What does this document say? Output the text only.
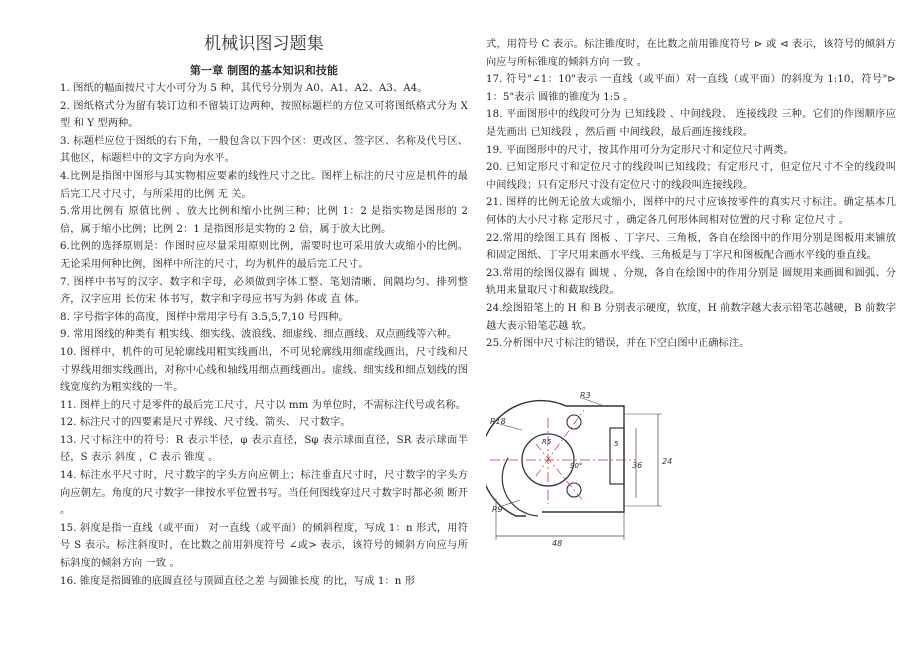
机械识图习题集
第一章 制图的基本知识和技能

1. 图纸的幅面按尺寸大小可分为 5 种，其代号分别为 A0、A1、A2、A3、A4。

2. 图纸格式分为留有装订边和不留装订边两种，按照标题栏的方位又可将图纸格式分为 X 型 和 Y 型两种。

3. 标题栏应位于图纸的右下角，一般包含以下四个区：更改区、签字区、名称及代号区、其他区，标题栏中的文字方向为水平。

4.比例是指图中图形与其实物相应要素的线性尺寸之比。图样上标注的尺寸应是机件的最后完工尺寸尺寸，与所采用的比例 无 关。

5.常用比例有 原值比例 、放大比例和缩小比例三种；比例 1：2 是指实物是图形的 2 倍，属于缩小比例；比例 2：1 是指图形是实物的 2 倍，属于放大比例。

6.比例的选择原则是：作图时应尽量采用原则比例，需要时也可采用放大或缩小的比例。无论采用何种比例，图样中所注的尺寸，均为机件的最后完工尺寸。

7. 图样中书写的汉字、数字和字母，必须做到字体工整、笔划清晰、间隔均匀、排列整齐，汉字应用 长仿宋 体书写，数字和字母应书写为斜 体或 直 体。

8. 字号指字体的高度，图样中常用字号有 3.5,5,7,10 号四种。

9. 常用图线的种类有 粗实线、细实线、波浪线、细虚线、细点画线、双点画线等六种。

10. 图样中，机件的可见轮廓线用粗实线画出，不可见轮廓线用细虚线画出，尺寸线和尺寸界线用细实线画出，对称中心线和轴线用细点画线画出。虚线、细实线和细点划线的图线宽度约为粗实线的一半。

11. 图样上的尺寸是零件的最后完工尺寸，尺寸以 mm 为单位时，不需标注代号或名称。

12. 标注尺寸的四要素是尺寸界线、尺寸线、箭头、 尺寸数字。

13. 尺寸标注中的符号：R 表示半径，φ 表示直径，Sφ 表示球面直径，SR 表示球面半径，S 表示 斜度 ，C 表示 锥度 。

14. 标注水平尺寸时，尺寸数字的字头方向应朝上；标注垂直尺寸时，尺寸数字的字头方向应朝左。角度的尺寸数字一律按水平位置书写。当任何图线穿过尺寸数字时都必须 断开 。

15. 斜度是指一直线（或平面） 对一直线（或平面）的倾斜程度，写成 1：n 形式，用符号 S 表示。标注斜度时，在比数之前用斜度符号 ∠或> 表示，该符号的倾斜方向应与所标斜度的倾斜方向 一致 。

16. 锥度是指圆锥的底圆直径与顶圆直径之差 与圆锥长度 的比，写成 1：n 形

式，用符号 C 表示。标注锥度时，在比数之前用锥度符号 ⊳ 或 ⊲ 表示，该符号的倾斜方向应与所标锥度的倾斜方向 一致 。

17. 符号"∠1：10"表示 一直线（或平面）对一直线（或平面）的斜度为 1:10，符号"⊳ 1：5"表示 圆锥的锥度为 1:5 。

18. 平面图形中的线段可分为 已知线段 、中间线段、 连接线段 三种。它们的作图顺序应是先画出 已知线段 ，然后画 中间线段，最后画连接线段。

19. 平面图形中的尺寸，按其作用可分为定形尺寸和定位尺寸两类。

20. 已知定形尺寸和定位尺寸的线段叫已知线段；有定形尺寸，但定位尺寸不全的线段叫中间线段；只有定形尺寸没有定位尺寸的线段叫连接线段。

21. 图样的比例无论放大或缩小，图样中的尺寸应该按零件的真实尺寸标注。确定基本几何体的大小尺寸称 定形尺寸 ，确定各几何形体间相对位置的尺寸称 定位尺寸 。

22.常用的绘图工具有 图板 、丁字尺、三角板，各自在绘图中的作用分别是图板用来铺放和固定图纸、丁字尺用来画水平线、三角板是与丁字尺和图板配合画水平线的垂直线。

23.常用的绘图仪器有 圆规 、分规，各自在绘图中的作用分别是 圆规用来画圆和圆弧、分轨用来量取尺寸和截取线段。

24.绘图铅笔上的 H 和 B 分别表示硬度，软度，H 前数字越大表示铅笔芯越硬，B 前数字越大表示铅笔芯越 软。

25.分析图中尺寸标注的错误，并在下空白图中正确标注。

R3
R18
R9
R5	5
36 24
48
90°
